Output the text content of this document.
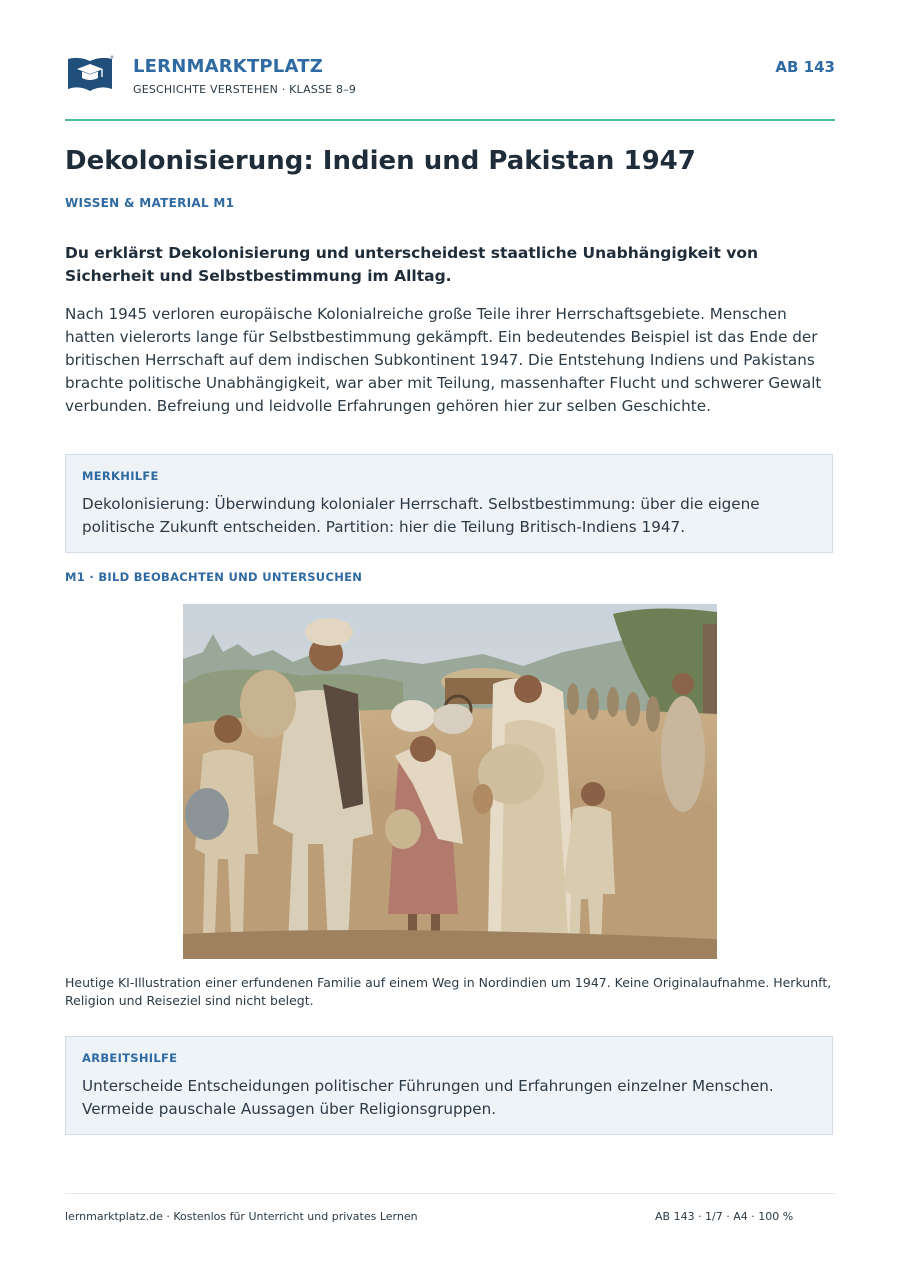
LERNMARKTPLATZ
GESCHICHTE VERSTEHEN · KLASSE 8–9
AB 143
Dekolonisierung: Indien und Pakistan 1947
WISSEN & MATERIAL M1

Du erklärst Dekolonisierung und unterscheidest staatliche Unabhängigkeit von Sicherheit und Selbstbestimmung im Alltag.

Nach 1945 verloren europäische Kolonialreiche große Teile ihrer Herrschaftsgebiete. Menschen hatten vielerorts lange für Selbstbestimmung gekämpft. Ein bedeutendes Beispiel ist das Ende der britischen Herrschaft auf dem indischen Subkontinent 1947. Die Entstehung Indiens und Pakistans brachte politische Unabhängigkeit, war aber mit Teilung, massenhafter Flucht und schwerer Gewalt verbunden. Befreiung und leidvolle Erfahrungen gehören hier zur selben Geschichte.

MERKHILFE
Dekolonisierung: Überwindung kolonialer Herrschaft. Selbstbestimmung: über die eigene politische Zukunft entscheiden. Partition: hier die Teilung Britisch-Indiens 1947.
M1 · BILD BEOBACHTEN UND UNTERSUCHEN

Heutige KI-Illustration einer erfundenen Familie auf einem Weg in Nordindien um 1947. Keine Originalaufnahme. Herkunft, Religion und Reiseziel sind nicht belegt.

ARBEITSHILFE
Unterscheide Entscheidungen politischer Führungen und Erfahrungen einzelner Menschen. Vermeide pauschale Aussagen über Religionsgruppen.
lernmarktplatz.de · Kostenlos für Unterricht und privates Lernen	AB 143 · 1/7 · A4 · 100 %
